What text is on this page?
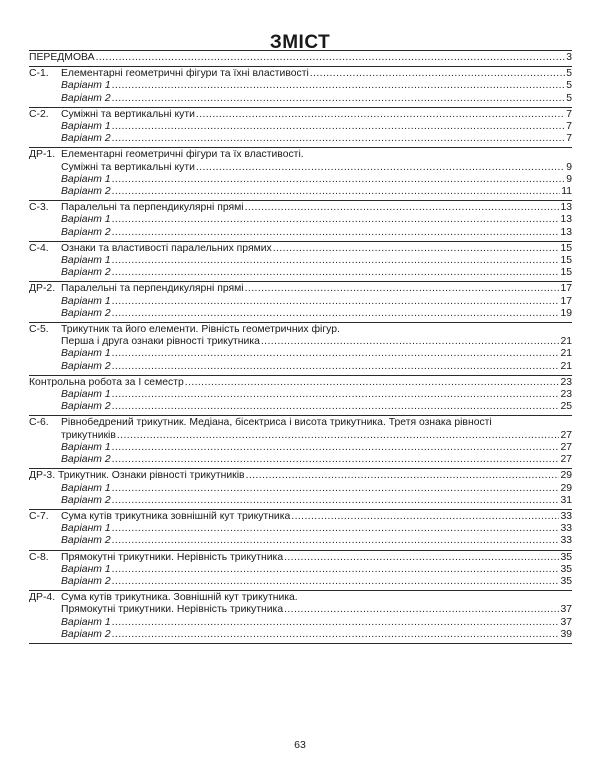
ЗМІСТ
ПЕРЕДМОВА .....	3
С-1.	Елементарні геометричні фігури та їхні властивості .....	5
Варіант 1 .....	5
Варіант 2 .....	5
С-2.	Суміжні та вертикальні кути .....	7
Варіант 1 .....	7
Варіант 2 .....	7
ДР-1. Елементарні геометричні фігури та їх властивості.
Суміжні та вертикальні кути .....	9
Варіант 1 .....	9
Варіант 2 .....	11
С-3.	Паралельні та перпендикулярні прямі .....	13
Варіант 1 .....	13
Варіант 2 .....	13
С-4.	Ознаки та властивості паралельних прямих .....	15
Варіант 1 .....	15
Варіант 2 .....	15
ДР-2. Паралельні та перпендикулярні прямі .....	17
Варіант 1 .....	17
Варіант 2 .....	19
С-5.	Трикутник та його елементи. Рівність геометричних фігур.
Перша і друга ознаки рівності трикутника .....	21
Варіант 1 .....	21
Варіант 2 .....	21
Контрольна робота за I семестр .....	23
Варіант 1 .....	23
Варіант 2 .....	25
С-6.	Рівнобедрений трикутник. Медіана, бісектриса і висота трикутника. Третя ознака рівності
трикутників .....	27
Варіант 1 .....	27
Варіант 2 .....	27
ДР-3. Трикутник. Ознаки рівності трикутників .....	29
Варіант 1 .....	29
Варіант 2 .....	31
С-7.	Сума кутів трикутника зовнішній кут трикутника .....	33
Варіант 1 .....	33
Варіант 2 .....	33
С-8.	Прямокутні трикутники. Нерівність трикутника .....	35
Варіант 1 .....	35
Варіант 2 .....	35
ДР-4. Сума кутів трикутника. Зовнішній кут трикутника.
Прямокутні трикутники. Нерівність трикутника .....	37
Варіант 1 .....	37
Варіант 2 .....	39
63
